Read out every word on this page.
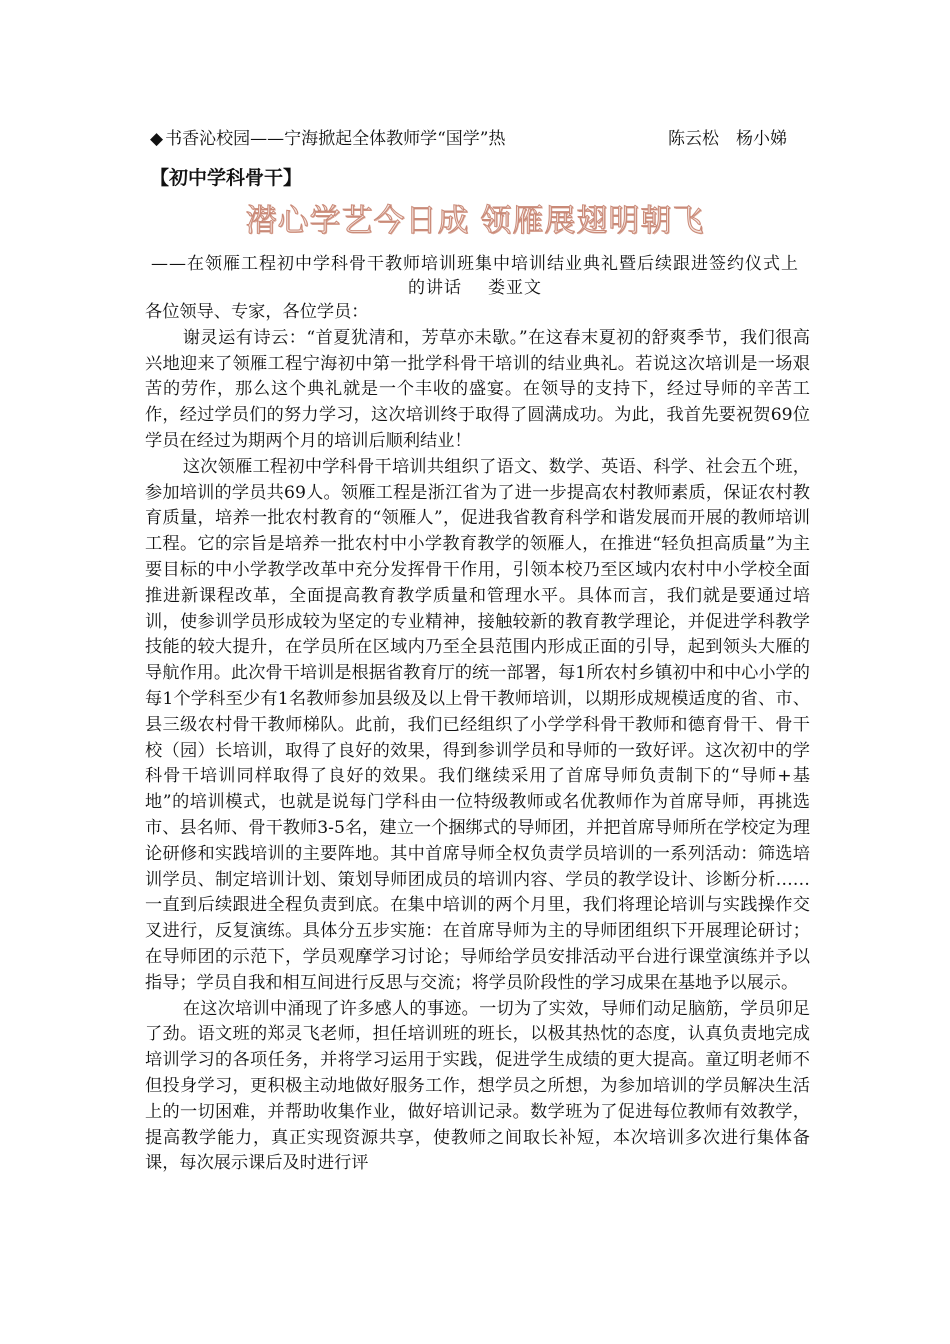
◆ 书香沁校园——宁海掀起全体教师学“国学”热	陈云松　杨小娣
【初中学科骨干】
潜心学艺今日成 领雁展翅明朝飞
——在领雁工程初中学科骨干教师培训班集中培训结业典礼暨后续跟进签约仪式上的讲话 娄亚文

各位领导、专家，各位学员：

谢灵运有诗云：“首夏犹清和，芳草亦未歇。”在这春末夏初的舒爽季节，我们很高兴地迎来了领雁工程宁海初中第一批学科骨干培训的结业典礼。若说这次培训是一场艰苦的劳作，那么这个典礼就是一个丰收的盛宴。在领导的支持下，经过导师的辛苦工作，经过学员们的努力学习，这次培训终于取得了圆满成功。为此，我首先要祝贺69位学员在经过为期两个月的培训后顺利结业！

这次领雁工程初中学科骨干培训共组织了语文、数学、英语、科学、社会五个班，参加培训的学员共69人。领雁工程是浙江省为了进一步提高农村教师素质，保证农村教育质量，培养一批农村教育的“领雁人”，促进我省教育科学和谐发展而开展的教师培训工程。它的宗旨是培养一批农村中小学教育教学的领雁人，在推进“轻负担高质量”为主要目标的中小学教学改革中充分发挥骨干作用，引领本校乃至区域内农村中小学校全面推进新课程改革，全面提高教育教学质量和管理水平。具体而言，我们就是要通过培训，使参训学员形成较为坚定的专业精神，接触较新的教育教学理论，并促进学科教学技能的较大提升，在学员所在区域内乃至全县范围内形成正面的引导，起到领头大雁的导航作用。此次骨干培训是根据省教育厅的统一部署，每1所农村乡镇初中和中心小学的每1个学科至少有1名教师参加县级及以上骨干教师培训，以期形成规模适度的省、市、县三级农村骨干教师梯队。此前，我们已经组织了小学学科骨干教师和德育骨干、骨干校（园）长培训，取得了良好的效果，得到参训学员和导师的一致好评。这次初中的学科骨干培训同样取得了良好的效果。我们继续采用了首席导师负责制下的“导师+基地”的培训模式，也就是说每门学科由一位特级教师或名优教师作为首席导师，再挑选市、县名师、骨干教师3-5名，建立一个捆绑式的导师团，并把首席导师所在学校定为理论研修和实践培训的主要阵地。其中首席导师全权负责学员培训的一系列活动：筛选培训学员、制定培训计划、策划导师团成员的培训内容、学员的教学设计、诊断分析……一直到后续跟进全程负责到底。在集中培训的两个月里，我们将理论培训与实践操作交叉进行，反复演练。具体分五步实施：在首席导师为主的导师团组织下开展理论研讨；在导师团的示范下，学员观摩学习讨论；导师给学员安排活动平台进行课堂演练并予以指导；学员自我和相互间进行反思与交流；将学员阶段性的学习成果在基地予以展示。

在这次培训中涌现了许多感人的事迹。一切为了实效，导师们动足脑筋，学员卯足了劲。语文班的郑灵飞老师，担任培训班的班长，以极其热忱的态度，认真负责地完成培训学习的各项任务，并将学习运用于实践，促进学生成绩的更大提高。童辽明老师不但投身学习，更积极主动地做好服务工作，想学员之所想，为参加培训的学员解决生活上的一切困难，并帮助收集作业，做好培训记录。数学班为了促进每位教师有效教学，提高教学能力，真正实现资源共享，使教师之间取长补短，本次培训多次进行集体备课，每次展示课后及时进行评
